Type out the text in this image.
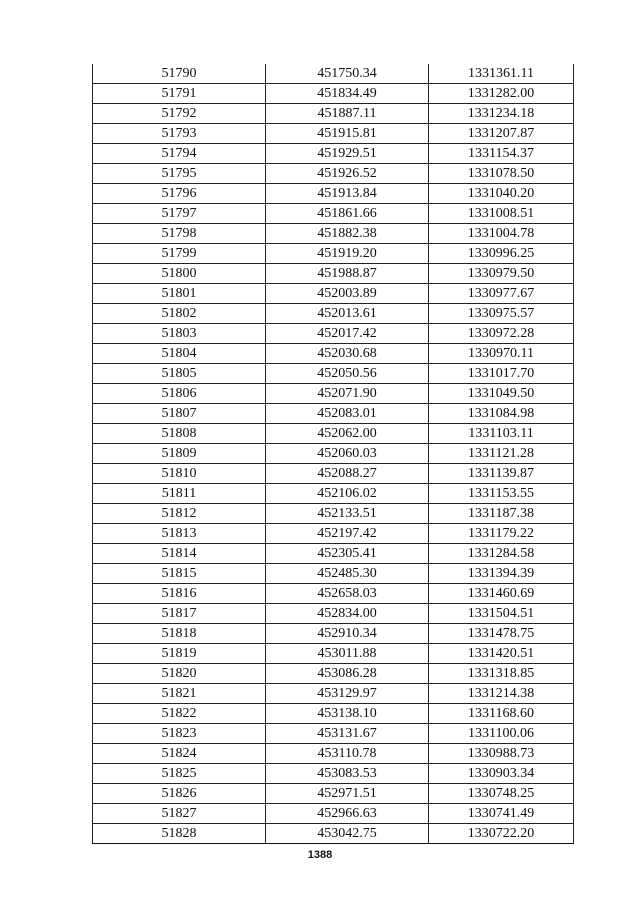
51790	451750.34	1331361.11
51791	451834.49	1331282.00
51792	451887.11	1331234.18
51793	451915.81	1331207.87
51794	451929.51	1331154.37
51795	451926.52	1331078.50
51796	451913.84	1331040.20
51797	451861.66	1331008.51
51798	451882.38	1331004.78
51799	451919.20	1330996.25
51800	451988.87	1330979.50
51801	452003.89	1330977.67
51802	452013.61	1330975.57
51803	452017.42	1330972.28
51804	452030.68	1330970.11
51805	452050.56	1331017.70
51806	452071.90	1331049.50
51807	452083.01	1331084.98
51808	452062.00	1331103.11
51809	452060.03	1331121.28
51810	452088.27	1331139.87
51811	452106.02	1331153.55
51812	452133.51	1331187.38
51813	452197.42	1331179.22
51814	452305.41	1331284.58
51815	452485.30	1331394.39
51816	452658.03	1331460.69
51817	452834.00	1331504.51
51818	452910.34	1331478.75
51819	453011.88	1331420.51
51820	453086.28	1331318.85
51821	453129.97	1331214.38
51822	453138.10	1331168.60
51823	453131.67	1331100.06
51824	453110.78	1330988.73
51825	453083.53	1330903.34
51826	452971.51	1330748.25
51827	452966.63	1330741.49
51828	453042.75	1330722.20
1388
